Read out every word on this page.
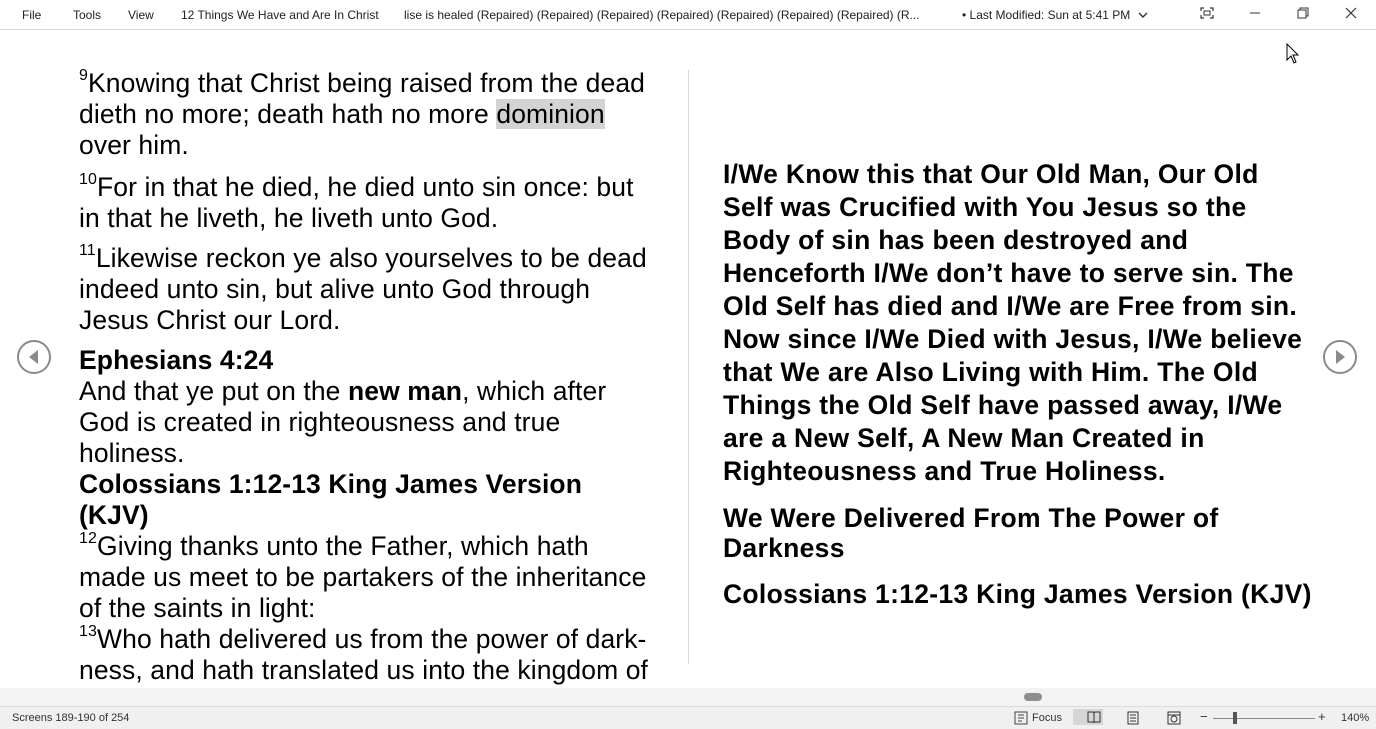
File	Tools View 12 Things We Have and Are In Christ lise is healed (Repaired) (Repaired) (Repaired) (Repaired) (Repaired) (Repaired) (Repaired) (R...	• Last Modified: Sun at 5:41 PM

$^9$Knowing that Christ being raised from the dead dieth no more; death hath no more dominion over him.

$^{10}$For in that he died, he died unto sin once: but in that he liveth, he liveth unto God.

$^{11}$Likewise reckon ye also yourselves to be dead indeed unto sin, but alive unto God through Jesus Christ our Lord.

Ephesians 4:24

And that ye put on the new man, which after God is created in righteousness and true holiness.

Colossians 1:12-13 King James Version (KJV)

$^{12}$Giving thanks unto the Father, which hath made us meet to be partakers of the inheritance of the saints in light:

$^{13}$Who hath delivered us from the power of dark-ness, and hath translated us into the kingdom of

I/We Know this that Our Old Man, Our Old Self was Crucified with You Jesus so the Body of sin has been destroyed and Henceforth I/We don’t have to serve sin. The Old Self has died and I/We are Free from sin. Now since I/We Died with Jesus, I/We believe that We are Also Living with Him. The Old Things the Old Self have passed away, I/We are a New Self, A New Man Created in Righteousness and True Holiness.

We Were Delivered From The Power of Darkness

Colossians 1:12-13 King James Version (KJV)

Screens 189-190 of 254	Focus	−	+ 140%
